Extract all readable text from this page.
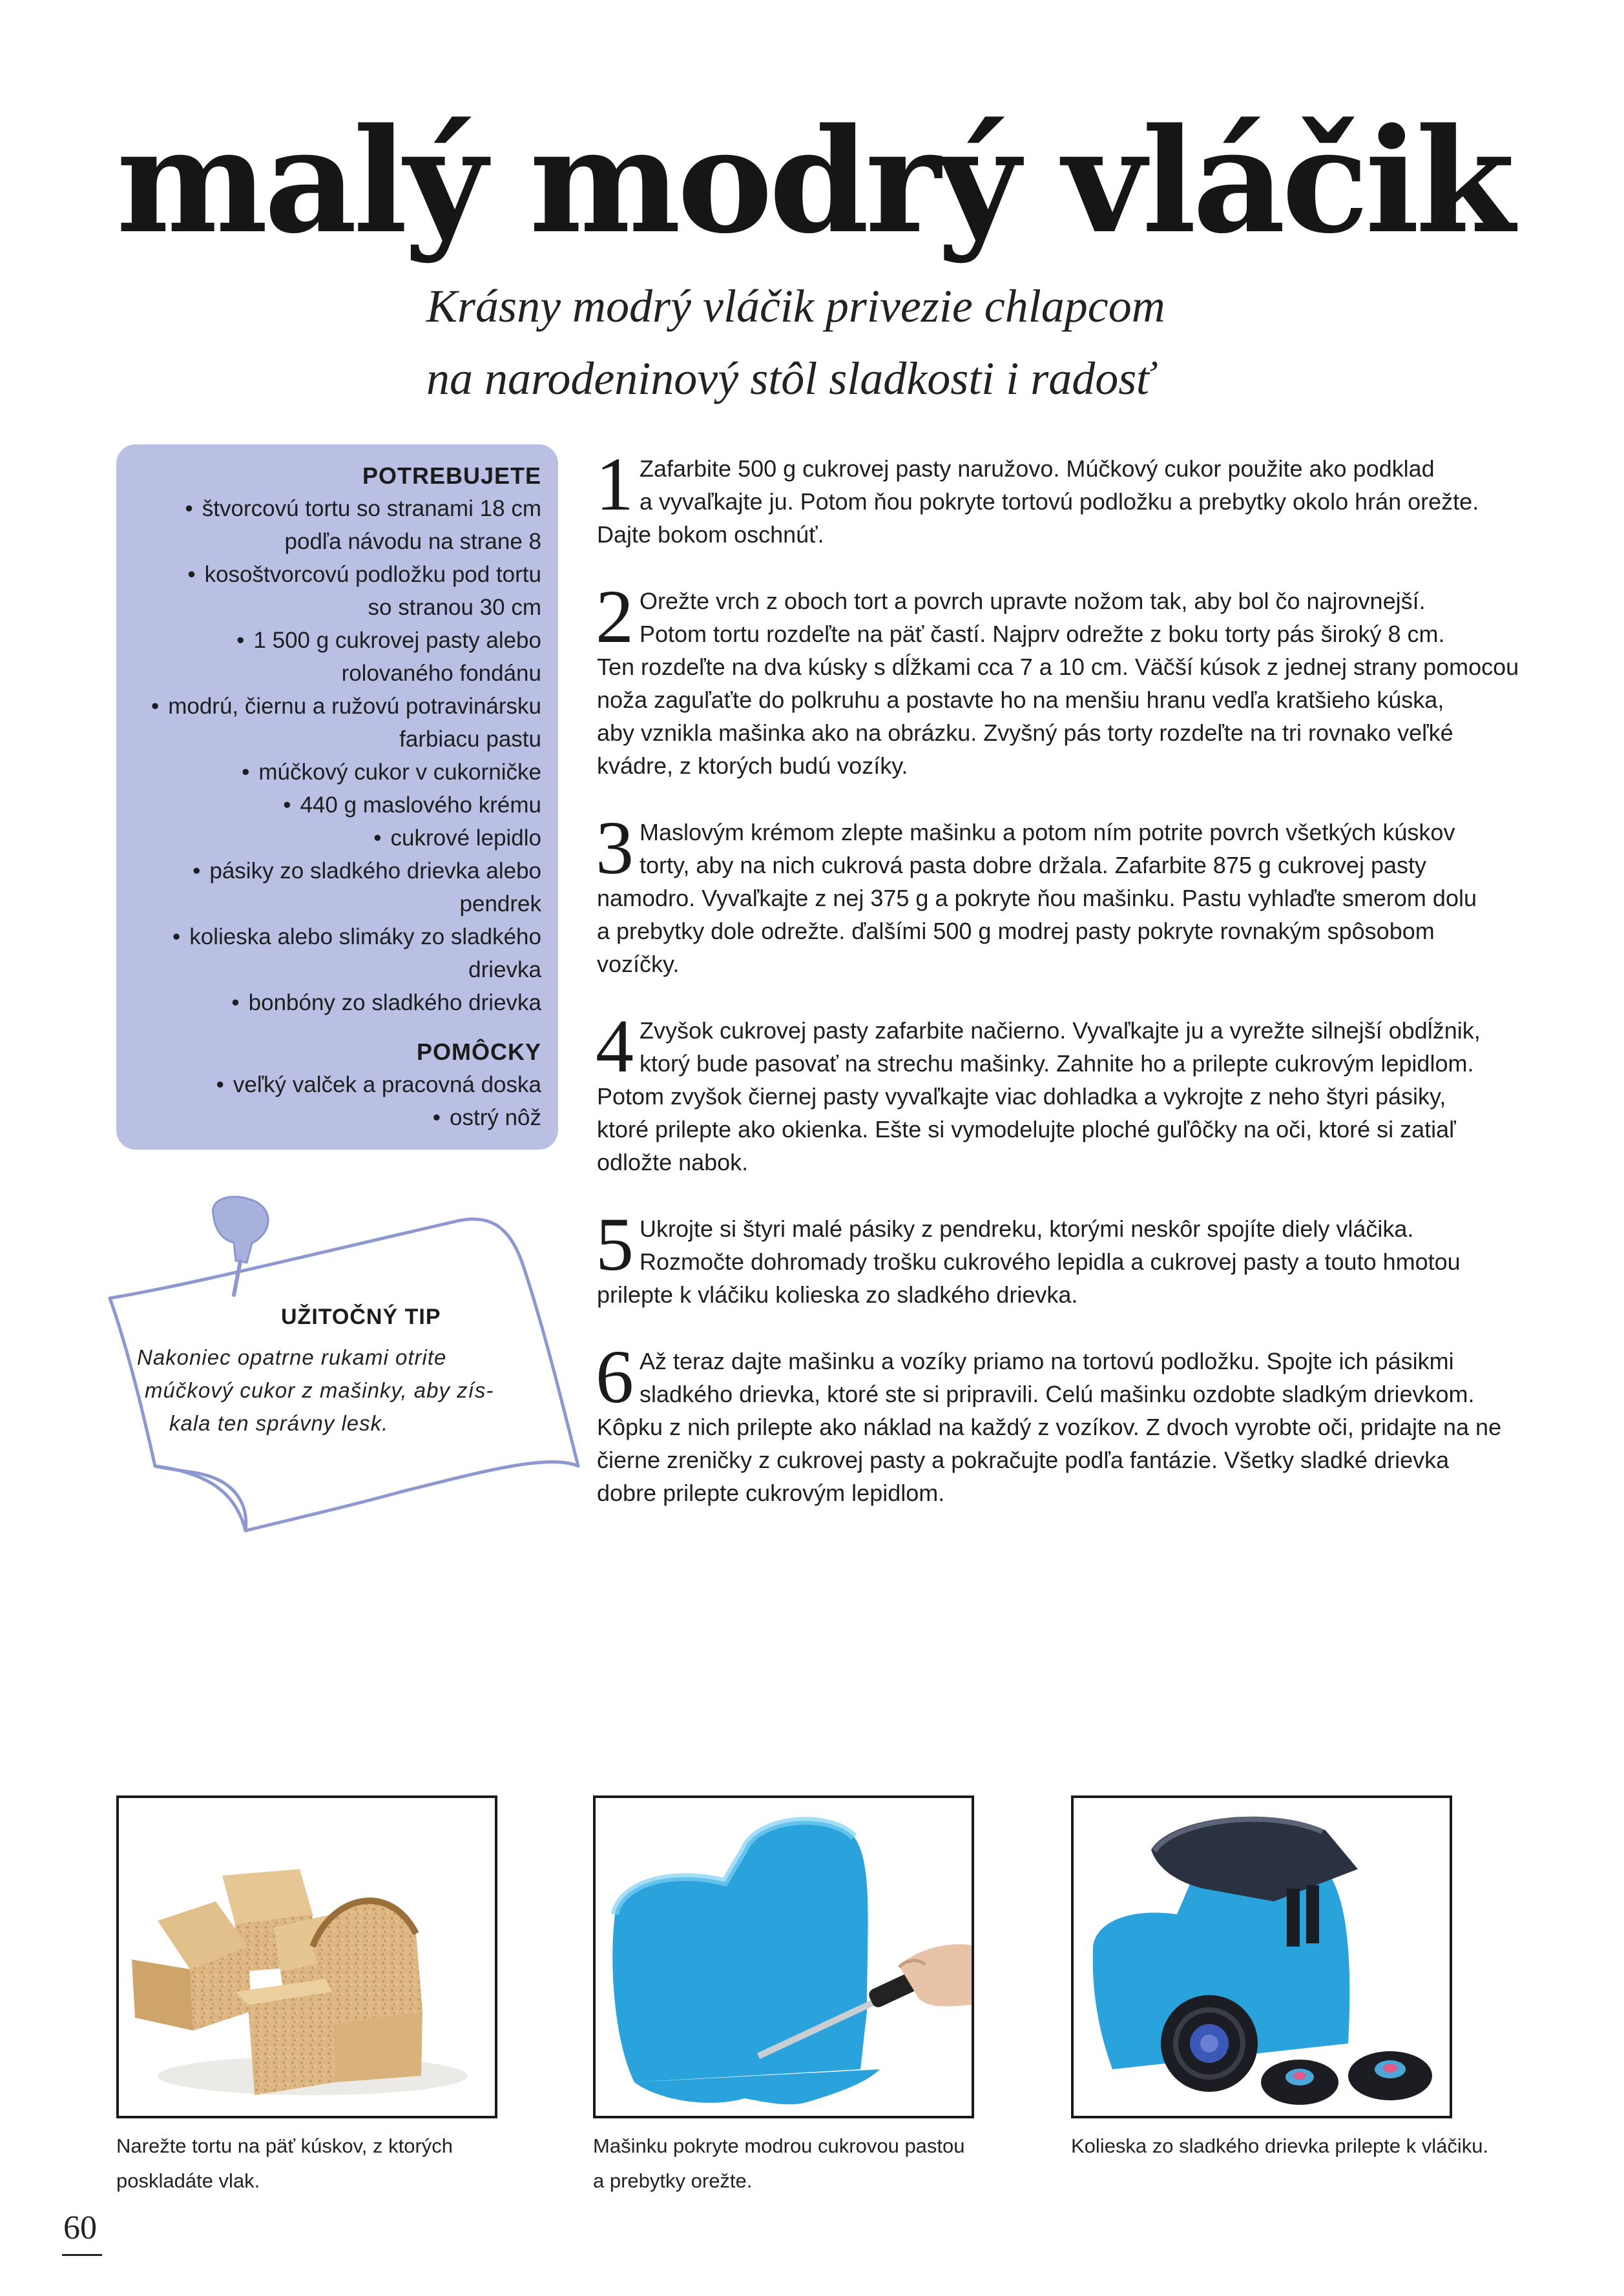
malý modrý vláčik
Krásny modrý vláčik privezie chlapcom
na narodeninový stôl sladkosti i radosť
POTREBUJETE
• štvorcovú tortu so stranami 18 cm
podľa návodu na strane 8
• kosoštvorcovú podložku pod tortu
so stranou 30 cm
• 1 500 g cukrovej pasty alebo
rolovaného fondánu
• modrú, čiernu a ružovú potravinársku
farbiacu pastu
• múčkový cukor v cukorničke
• 440 g maslového krému
• cukrové lepidlo
• pásiky zo sladkého drievka alebo
pendrek
• kolieska alebo slimáky zo sladkého
drievka
• bonbóny zo sladkého drievka
POMÔCKY
• veľký valček a pracovná doska
• ostrý nôž

UŽITOČNÝ TIP

Nakoniec opatrne rukami otrite
múčkový cukor z mašinky, aby zís-
kala ten správny lesk.
1 Zafarbite 500 g cukrovej pasty naružovo. Múčkový cukor použite ako podklad
a vyvaľkajte ju. Potom ňou pokryte tortovú podložku a prebytky okolo hrán orežte.
Dajte bokom oschnúť.
2 Orežte vrch z oboch tort a povrch upravte nožom tak, aby bol čo najrovnejší.
Potom tortu rozdeľte na päť častí. Najprv odrežte z boku torty pás široký 8 cm.
Ten rozdeľte na dva kúsky s dĺžkami cca 7 a 10 cm. Väčší kúsok z jednej strany pomocou
noža zaguľaťte do polkruhu a postavte ho na menšiu hranu vedľa kratšieho kúska,
aby vznikla mašinka ako na obrázku. Zvyšný pás torty rozdeľte na tri rovnako veľké
kvádre, z ktorých budú vozíky.
3 Maslovým krémom zlepte mašinku a potom ním potrite povrch všetkých kúskov
torty, aby na nich cukrová pasta dobre držala. Zafarbite 875 g cukrovej pasty
namodro. Vyvaľkajte z nej 375 g a pokryte ňou mašinku. Pastu vyhlaďte smerom dolu
a prebytky dole odrežte. ďalšími 500 g modrej pasty pokryte rovnakým spôsobom
vozíčky.
4 Zvyšok cukrovej pasty zafarbite načierno. Vyvaľkajte ju a vyrežte silnejší obdĺžnik,
ktorý bude pasovať na strechu mašinky. Zahnite ho a prilepte cukrovým lepidlom.
Potom zvyšok čiernej pasty vyvaľkajte viac dohladka a vykrojte z neho štyri pásiky,
ktoré prilepte ako okienka. Ešte si vymodelujte ploché guľôčky na oči, ktoré si zatiaľ
odložte nabok.
5 Ukrojte si štyri malé pásiky z pendreku, ktorými neskôr spojíte diely vláčika.
Rozmočte dohromady trošku cukrového lepidla a cukrovej pasty a touto hmotou
prilepte k vláčiku kolieska zo sladkého drievka.
6 Až teraz dajte mašinku a vozíky priamo na tortovú podložku. Spojte ich pásikmi
sladkého drievka, ktoré ste si pripravili. Celú mašinku ozdobte sladkým drievkom.
Kôpku z nich prilepte ako náklad na každý z vozíkov. Z dvoch vyrobte oči, pridajte na ne
čierne zreničky z cukrovej pasty a pokračujte podľa fantázie. Všetky sladké drievka
dobre prilepte cukrovým lepidlom.
Narežte tortu na päť kúskov, z ktorých
poskladáte vlak.
Mašinku pokryte modrou cukrovou pastou
a prebytky orežte.
Kolieska zo sladkého drievka prilepte k vláčiku.
60
